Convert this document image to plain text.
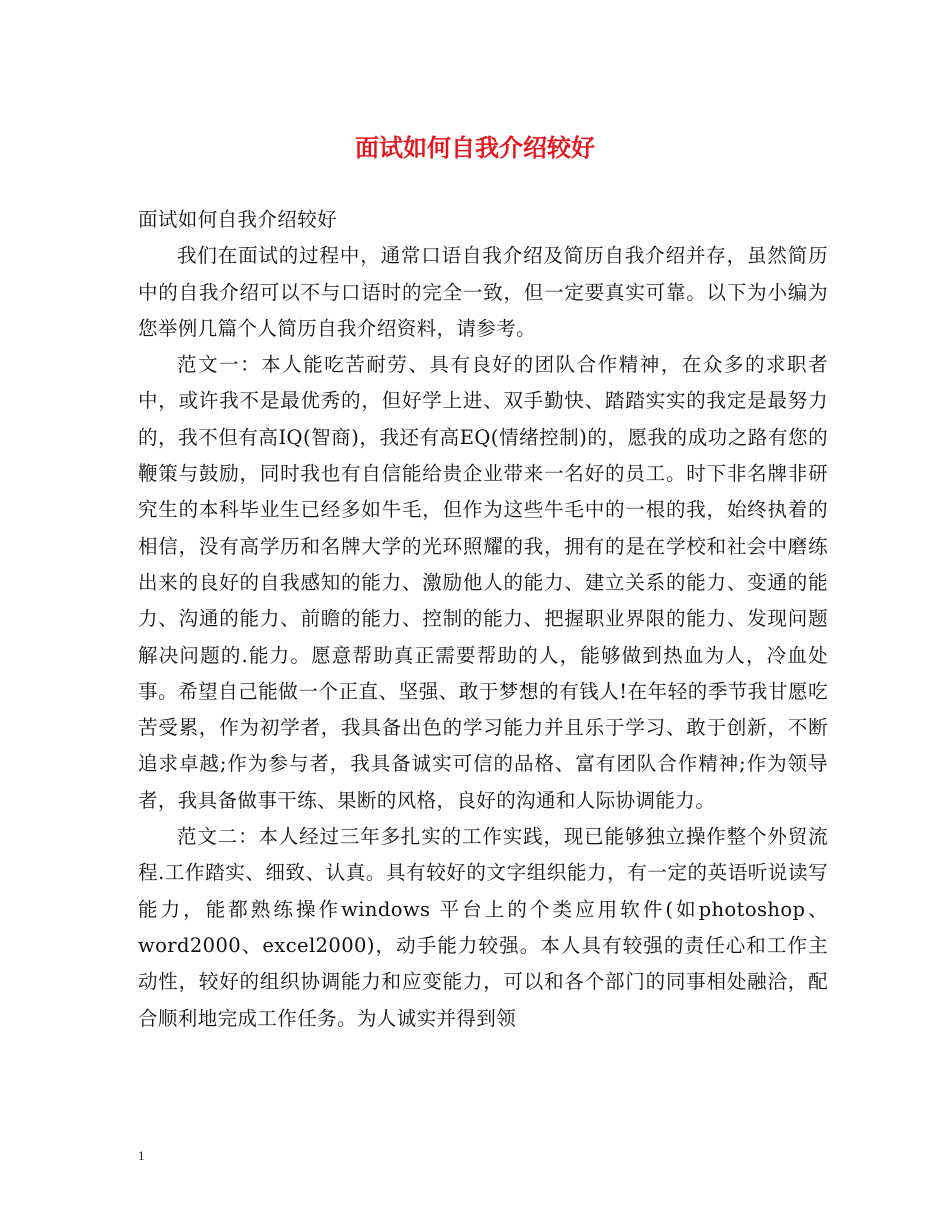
面试如何自我介绍较好

面试如何自我介绍较好

我们在面试的过程中，通常口语自我介绍及简历自我介绍并存，虽然简历中的自我介绍可以不与口语时的完全一致，但一定要真实可靠。以下为小编为您举例几篇个人简历自我介绍资料，请参考。

范文一：本人能吃苦耐劳、具有良好的团队合作精神，在众多的求职者中，或许我不是最优秀的，但好学上进、双手勤快、踏踏实实的我定是最努力的，我不但有高IQ(智商)，我还有高EQ(情绪控制)的，愿我的成功之路有您的鞭策与鼓励，同时我也有自信能给贵企业带来一名好的员工。时下非名牌非研究生的本科毕业生已经多如牛毛，但作为这些牛毛中的一根的我，始终执着的相信，没有高学历和名牌大学的光环照耀的我，拥有的是在学校和社会中磨练出来的良好的自我感知的能力、激励他人的能力、建立关系的能力、变通的能力、沟通的能力、前瞻的能力、控制的能力、把握职业界限的能力、发现问题解决问题的.能力。愿意帮助真正需要帮助的人，能够做到热血为人，冷血处事。希望自己能做一个正直、坚强、敢于梦想的有钱人!在年轻的季节我甘愿吃苦受累，作为初学者，我具备出色的学习能力并且乐于学习、敢于创新，不断追求卓越;作为参与者，我具备诚实可信的品格、富有团队合作精神;作为领导者，我具备做事干练、果断的风格，良好的沟通和人际协调能力。

范文二：本人经过三年多扎实的工作实践，现已能够独立操作整个外贸流程.工作踏实、细致、认真。具有较好的文字组织能力，有一定的英语听说读写能力，能都熟练操作windows 平台上的个类应用软件(如photoshop、word2000、excel2000)，动手能力较强。本人具有较强的责任心和工作主动性，较好的组织协调能力和应变能力，可以和各个部门的同事相处融洽，配合顺利地完成工作任务。为人诚实并得到领

1
